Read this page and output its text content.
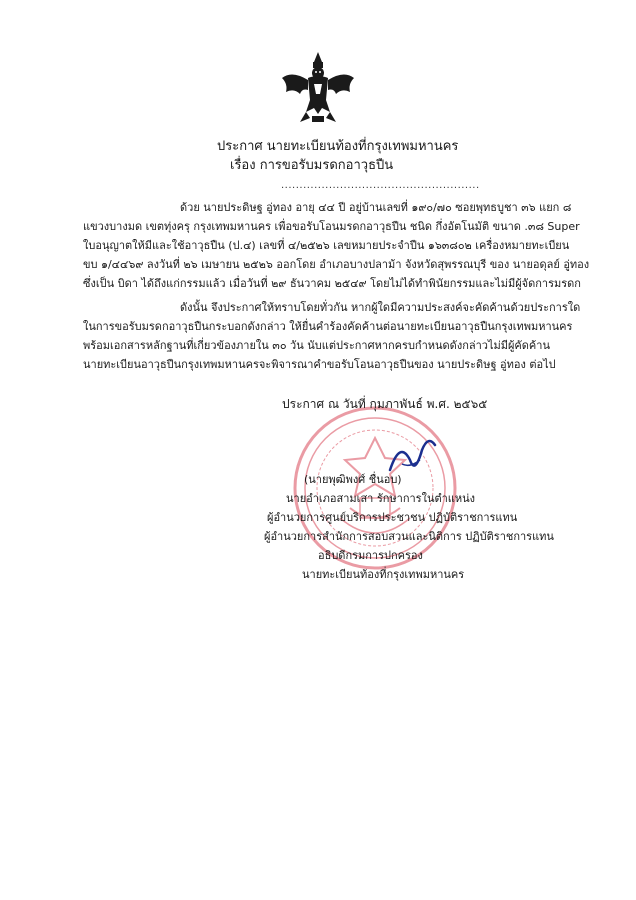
ประกาศ นายทะเบียนท้องที่กรุงเทพมหานคร

เรื่อง การขอรับมรดกอาวุธปืน

......................................................

ด้วย นายประดิษฐ อู่ทอง อายุ ๔๔ ปี อยู่บ้านเลขที่ ๑๙๐/๗๐ ซอยพุทธบูชา ๓๖ แยก ๘

แขวงบางมด เขตทุ่งครุ กรุงเทพมหานคร เพื่อขอรับโอนมรดกอาวุธปืน ชนิด กึ่งอัตโนมัติ ขนาด .๓๘ Super

ใบอนุญาตให้มีและใช้อาวุธปืน (ป.๔) เลขที่ ๔/๒๕๒๖ เลขหมายประจำปืน ๑๖๓๘๐๒ เครื่องหมายทะเบียน

ขบ ๑/๔๔๖๙ ลงวันที่ ๒๖ เมษายน ๒๕๒๖ ออกโดย อำเภอบางปลาม้า จังหวัดสุพรรณบุรี ของ นายอดุลย์ อู่ทอง

ซึ่งเป็น บิดา ได้ถึงแก่กรรมแล้ว เมื่อวันที่ ๒๙ ธันวาคม ๒๕๔๙ โดยไม่ได้ทำพินัยกรรมและไม่มีผู้จัดการมรดก

ดังนั้น จึงประกาศให้ทราบโดยทั่วกัน หากผู้ใดมีความประสงค์จะคัดค้านด้วยประการใด

ในการขอรับมรดกอาวุธปืนกระบอกดังกล่าว ให้ยื่นคำร้องคัดค้านต่อนายทะเบียนอาวุธปืนกรุงเทพมหานคร

พร้อมเอกสารหลักฐานที่เกี่ยวข้องภายใน ๓๐ วัน นับแต่ประกาศหากครบกำหนดดังกล่าวไม่มีผู้คัดค้าน

นายทะเบียนอาวุธปืนกรุงเทพมหานครจะพิจารณาคำขอรับโอนอาวุธปืนของ นายประดิษฐ อู่ทอง ต่อไป

ประกาศ ณ วันที่ กุมภาพันธ์ พ.ศ. ๒๕๖๕
(นายพุฒิพงศ์ ชื่นอบ)
นายอำเภอสามเสา รักษาการในตำแหน่ง
ผู้อำนวยการศูนย์บริการประชาชน ปฏิบัติราชการแทน
ผู้อำนวยการสำนักการสอบสวนและนิติการ ปฏิบัติราชการแทน
อธิบดีกรมการปกครอง
นายทะเบียนท้องที่กรุงเทพมหานคร
